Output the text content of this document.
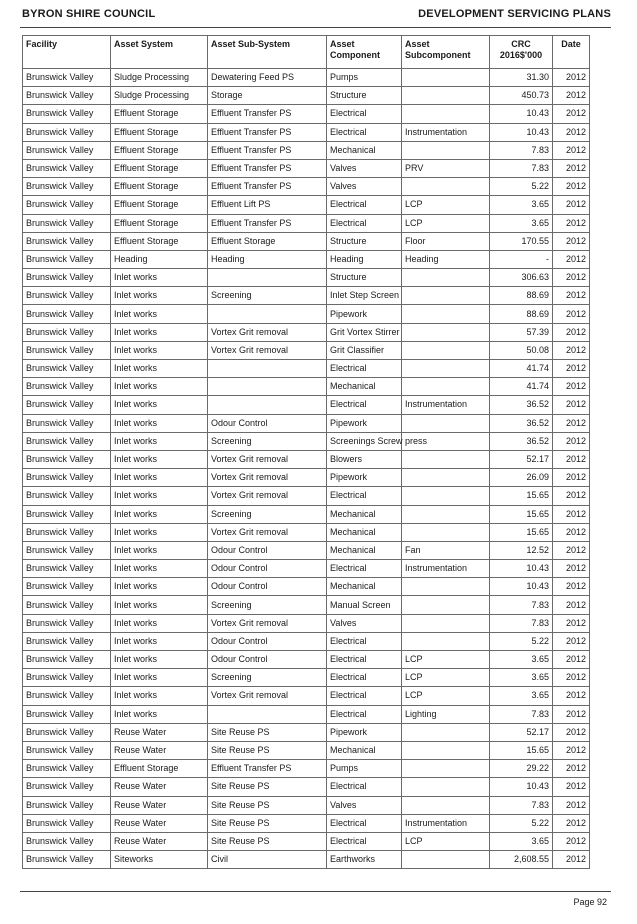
BYRON SHIRE COUNCIL	DEVELOPMENT SERVICING PLANS
Facility	Asset System	Asset Sub-System	Asset Component	Asset Subcomponent	CRC 2016$'000	Date
Brunswick Valley	Sludge Processing	Dewatering Feed PS	Pumps		31.30	2012
Brunswick Valley	Sludge Processing	Storage	Structure		450.73	2012
Brunswick Valley	Effluent Storage	Effluent Transfer PS	Electrical		10.43	2012
Brunswick Valley	Effluent Storage	Effluent Transfer PS	Electrical	Instrumentation	10.43	2012
Brunswick Valley	Effluent Storage	Effluent Transfer PS	Mechanical		7.83	2012
Brunswick Valley	Effluent Storage	Effluent Transfer PS	Valves	PRV	7.83	2012
Brunswick Valley	Effluent Storage	Effluent Transfer PS	Valves		5.22	2012
Brunswick Valley	Effluent Storage	Effluent Lift PS	Electrical	LCP	3.65	2012
Brunswick Valley	Effluent Storage	Effluent Transfer PS	Electrical	LCP	3.65	2012
Brunswick Valley	Effluent Storage	Effluent Storage	Structure	Floor	170.55	2012
Brunswick Valley	Heading	Heading	Heading	Heading	-	2012
Brunswick Valley	Inlet works		Structure		306.63	2012
Brunswick Valley	Inlet works	Screening	Inlet Step Screen		88.69	2012
Brunswick Valley	Inlet works		Pipework		88.69	2012
Brunswick Valley	Inlet works	Vortex Grit removal	Grit Vortex Stirrer		57.39	2012
Brunswick Valley	Inlet works	Vortex Grit removal	Grit Classifier		50.08	2012
Brunswick Valley	Inlet works		Electrical		41.74	2012
Brunswick Valley	Inlet works		Mechanical		41.74	2012
Brunswick Valley	Inlet works		Electrical	Instrumentation	36.52	2012
Brunswick Valley	Inlet works	Odour Control	Pipework		36.52	2012
Brunswick Valley	Inlet works	Screening	Screenings Screw press		36.52	2012
Brunswick Valley	Inlet works	Vortex Grit removal	Blowers		52.17	2012
Brunswick Valley	Inlet works	Vortex Grit removal	Pipework		26.09	2012
Brunswick Valley	Inlet works	Vortex Grit removal	Electrical		15.65	2012
Brunswick Valley	Inlet works	Screening	Mechanical		15.65	2012
Brunswick Valley	Inlet works	Vortex Grit removal	Mechanical		15.65	2012
Brunswick Valley	Inlet works	Odour Control	Mechanical	Fan	12.52	2012
Brunswick Valley	Inlet works	Odour Control	Electrical	Instrumentation	10.43	2012
Brunswick Valley	Inlet works	Odour Control	Mechanical		10.43	2012
Brunswick Valley	Inlet works	Screening	Manual Screen		7.83	2012
Brunswick Valley	Inlet works	Vortex Grit removal	Valves		7.83	2012
Brunswick Valley	Inlet works	Odour Control	Electrical		5.22	2012
Brunswick Valley	Inlet works	Odour Control	Electrical	LCP	3.65	2012
Brunswick Valley	Inlet works	Screening	Electrical	LCP	3.65	2012
Brunswick Valley	Inlet works	Vortex Grit removal	Electrical	LCP	3.65	2012
Brunswick Valley	Inlet works		Electrical	Lighting	7.83	2012
Brunswick Valley	Reuse Water	Site Reuse PS	Pipework		52.17	2012
Brunswick Valley	Reuse Water	Site Reuse PS	Mechanical		15.65	2012
Brunswick Valley	Effluent Storage	Effluent Transfer PS	Pumps		29.22	2012
Brunswick Valley	Reuse Water	Site Reuse PS	Electrical		10.43	2012
Brunswick Valley	Reuse Water	Site Reuse PS	Valves		7.83	2012
Brunswick Valley	Reuse Water	Site Reuse PS	Electrical	Instrumentation	5.22	2012
Brunswick Valley	Reuse Water	Site Reuse PS	Electrical	LCP	3.65	2012
Brunswick Valley	Siteworks	Civil	Earthworks		2,608.55	2012
Page 92
